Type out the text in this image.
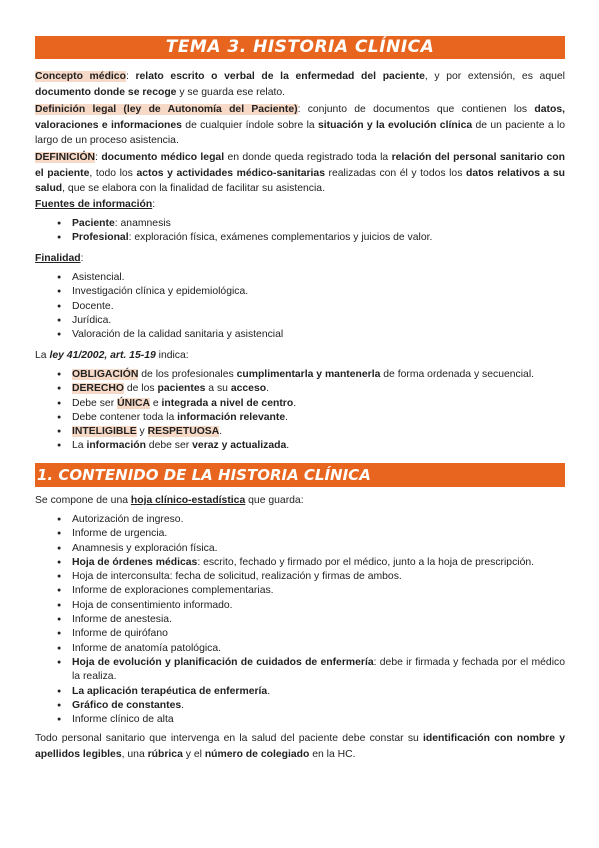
TEMA 3. HISTORIA CLÍNICA

Concepto médico: relato escrito o verbal de la enfermedad del paciente, y por extensión, es aquel documento donde se recoge y se guarda ese relato.

Definición legal (ley de Autonomía del Paciente): conjunto de documentos que contienen los datos, valoraciones e informaciones de cualquier índole sobre la situación y la evolución clínica de un paciente a lo largo de un proceso asistencia.

DEFINICIÓN: documento médico legal en donde queda registrado toda la relación del personal sanitario con el paciente, todo los actos y actividades médico-sanitarias realizadas con él y todos los datos relativos a su salud, que se elabora con la finalidad de facilitar su asistencia.

Fuentes de información:

● Paciente: anamnesis
● Profesional: exploración física, exámenes complementarios y juicios de valor.

Finalidad:

● Asistencial.
● Investigación clínica y epidemiológica.
● Docente.
● Jurídica.
● Valoración de la calidad sanitaria y asistencial

La ley 41/2002, art. 15-19 indica:

● OBLIGACIÓN de los profesionales cumplimentarla y mantenerla de forma ordenada y secuencial.
● DERECHO de los pacientes a su acceso.
● Debe ser ÚNICA e integrada a nivel de centro.
● Debe contener toda la información relevante.
● INTELIGIBLE y RESPETUOSA.
● La información debe ser veraz y actualizada.
1. CONTENIDO DE LA HISTORIA CLÍNICA

Se compone de una hoja clínico-estadística que guarda:

● Autorización de ingreso.
● Informe de urgencia.
● Anamnesis y exploración física.
● Hoja de órdenes médicas: escrito, fechado y firmado por el médico, junto a la hoja de prescripción.
● Hoja de interconsulta: fecha de solicitud, realización y firmas de ambos.
● Informe de exploraciones complementarias.
● Hoja de consentimiento informado.
● Informe de anestesia.
● Informe de quirófano
● Informe de anatomía patológica.
● Hoja de evolución y planificación de cuidados de enfermería: debe ir firmada y fechada por el médico la realiza.
● La aplicación terapéutica de enfermería.
● Gráfico de constantes.
● Informe clínico de alta

Todo personal sanitario que intervenga en la salud del paciente debe constar su identificación con nombre y apellidos legibles, una rúbrica y el número de colegiado en la HC.
